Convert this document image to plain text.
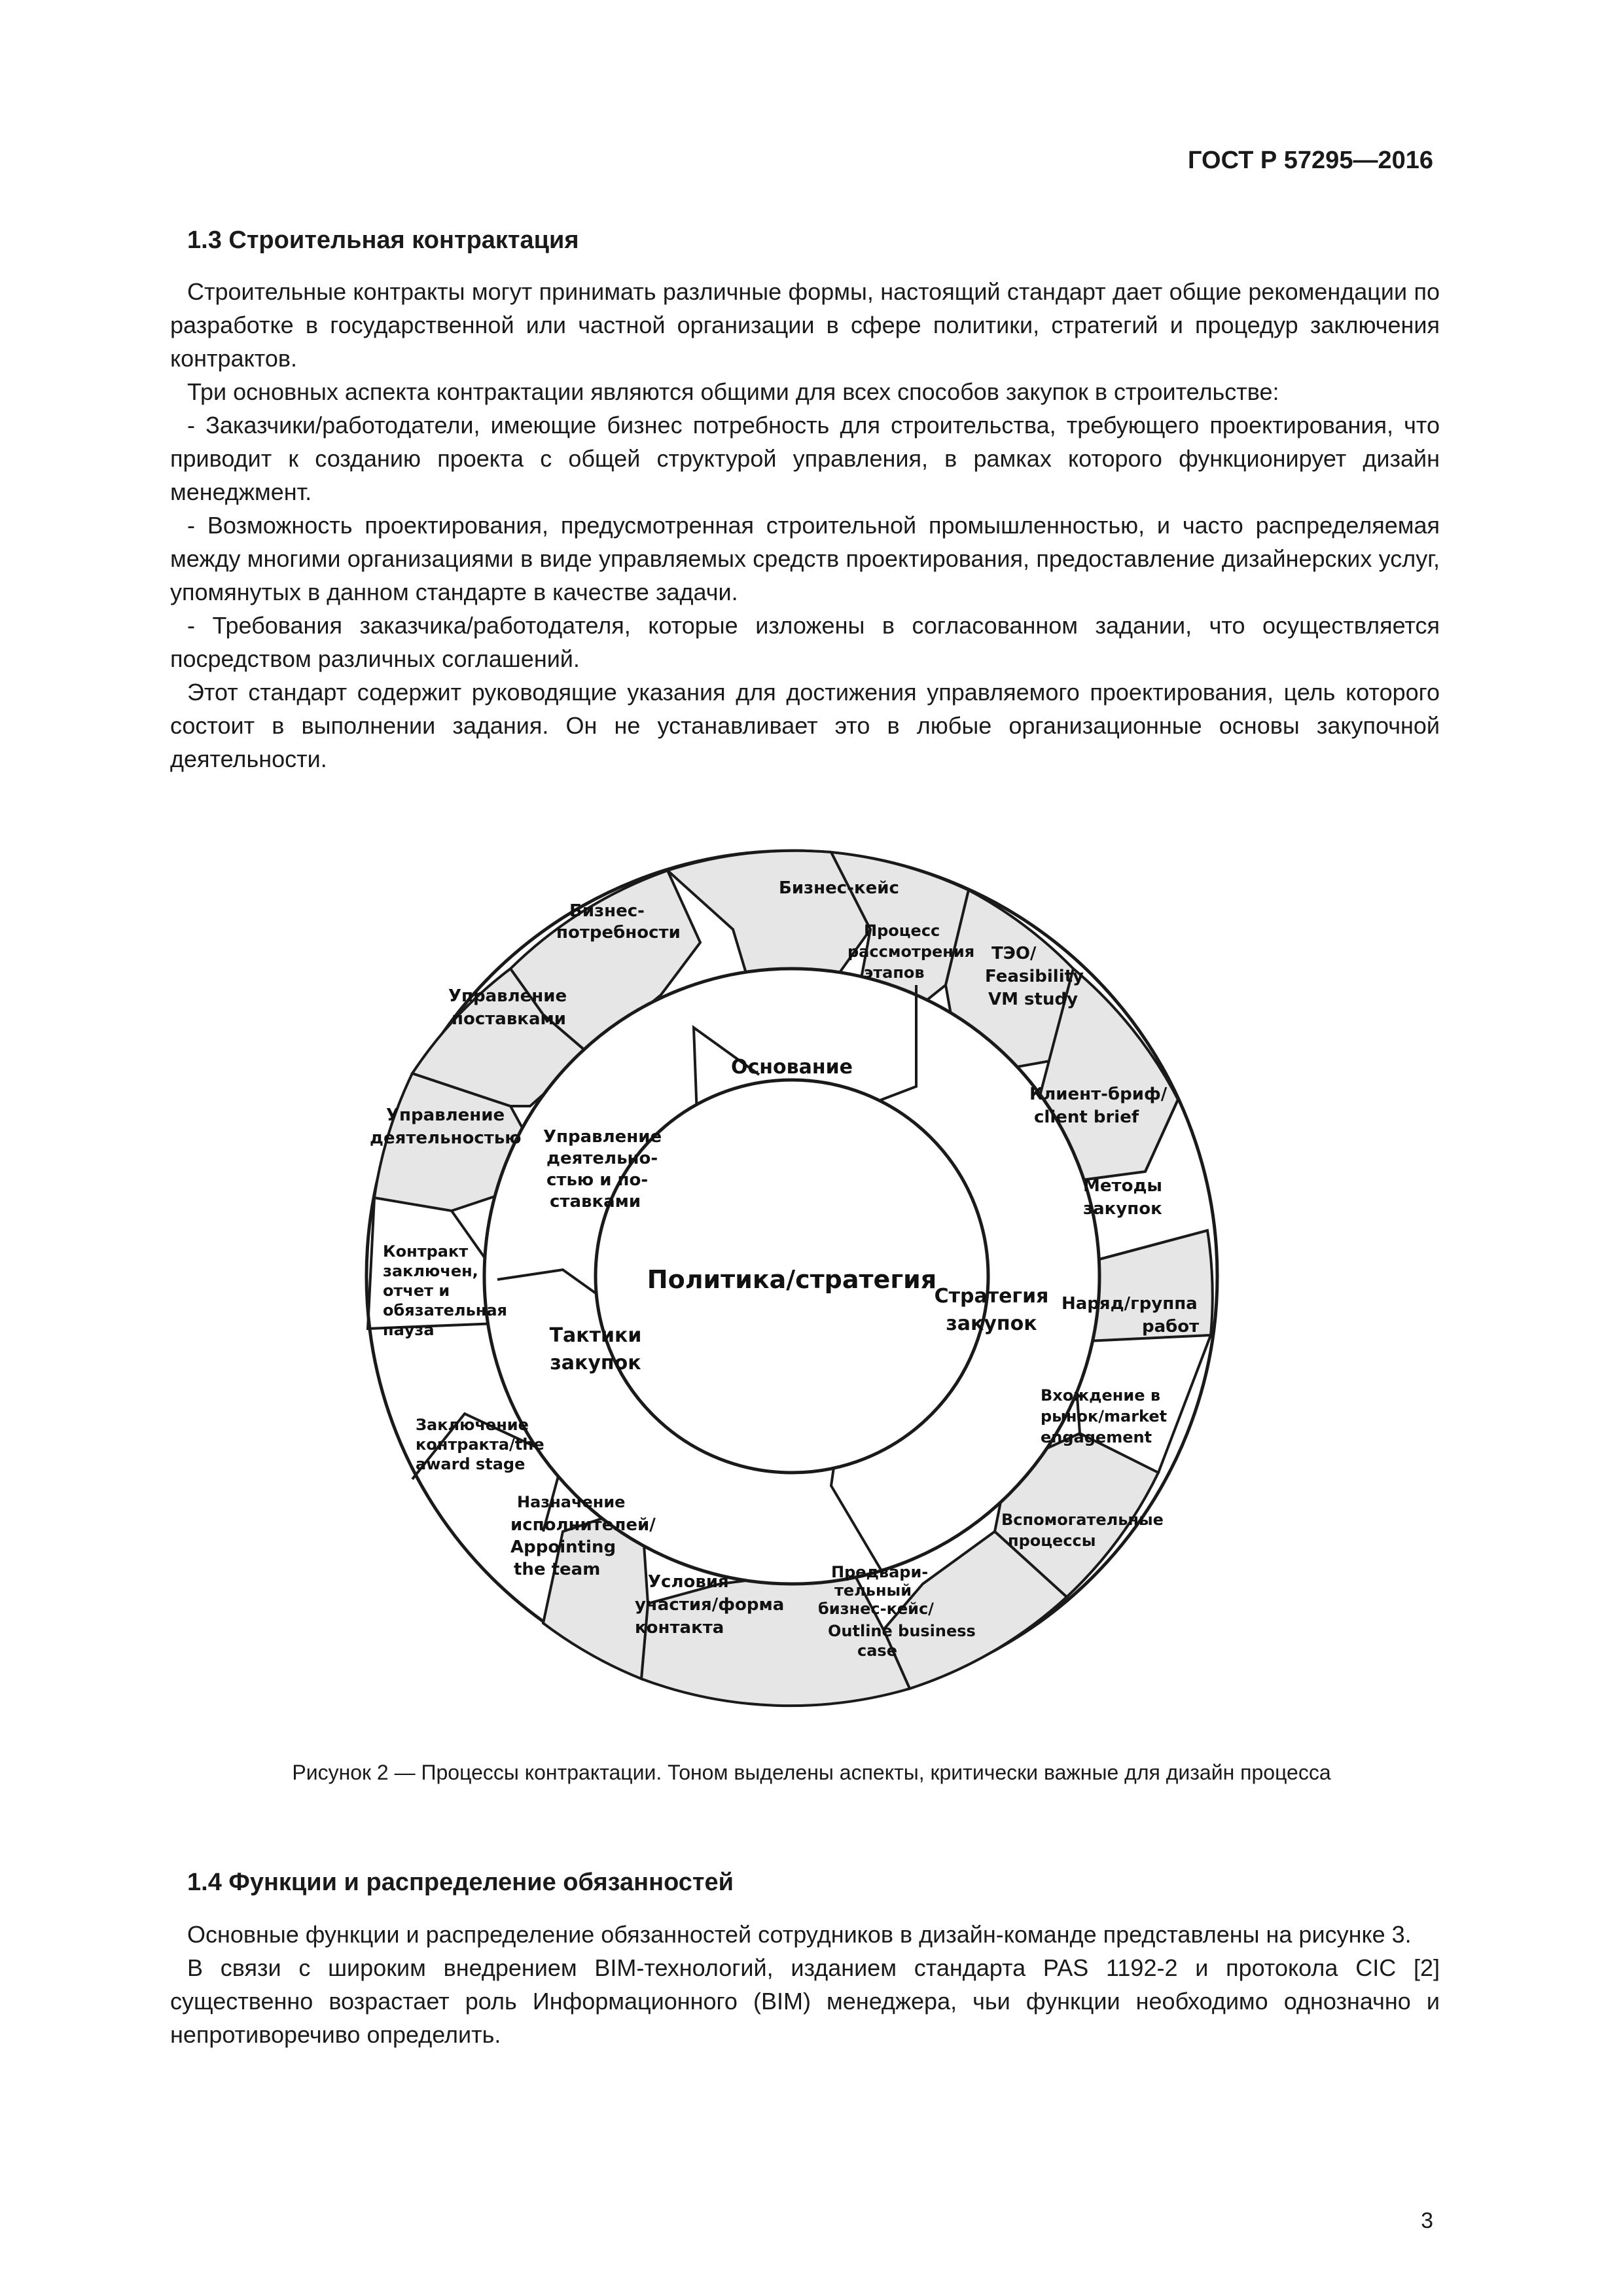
ГОСТ Р 57295—2016
1.3 Строительная контрактация

Строительные контракты могут принимать различные формы, настоящий стандарт дает общие рекомендации по разработке в государственной или частной организации в сфере политики, стратегий и процедур заключения контрактов.

Три основных аспекта контрактации являются общими для всех способов закупок в строительстве:

- Заказчики/работодатели, имеющие бизнес потребность для строительства, требующего проектирования, что приводит к созданию проекта с общей структурой управления, в рамках которого функционирует дизайн менеджмент.

- Возможность проектирования, предусмотренная строительной промышленностью, и часто распределяемая между многими организациями в виде управляемых средств проектирования, предоставление дизайнерских услуг, упомянутых в данном стандарте в качестве задачи.

- Требования заказчика/работодателя, которые изложены в согласованном задании, что осуществляется посредством различных соглашений.

Этот стандарт содержит руководящие указания для достижения управляемого проектирования, цель которого состоит в выполнении задания. Он не устанавливает это в любые организационные основы закупочной деятельности.

Политика/стратегия
Основание
Стратегия
закупок
Тактики
закупок
Управление
деятельно-
стью и по-
ставками
Бизнес-кейс
Бизнес-
потребности	Процесс
рассмотрения
этапов
ТЭО/
Feasibility
VM study
Клиент-бриф/
client brief
Методы
закупок
Наряд/группа
работ
Вхождение в
рынок/market
engagement
Вспомогательные
процессы
Предвари-
тельный
бизнес-кейс/
Outline business
case
Условия
участия/форма
контакта
Назначение
исполнителей/
Appointing
the team
Заключение
контракта/the
award stage
Контракт
заключен,
отчет и
обязательная
пауза
Управление
деятельностью
Управление
поставками
Рисунок 2 — Процессы контрактации. Тоном выделены аспекты, критически важные для дизайн процесса
1.4 Функции и распределение обязанностей

Основные функции и распределение обязанностей сотрудников в дизайн-команде представлены на рисунке 3.

В связи с широким внедрением BIM-технологий, изданием стандарта PAS 1192-2 и протокола CIC [2] существенно возрастает роль Информационного (BIM) менеджера, чьи функции необходимо однозначно и непротиворечиво определить.

3
